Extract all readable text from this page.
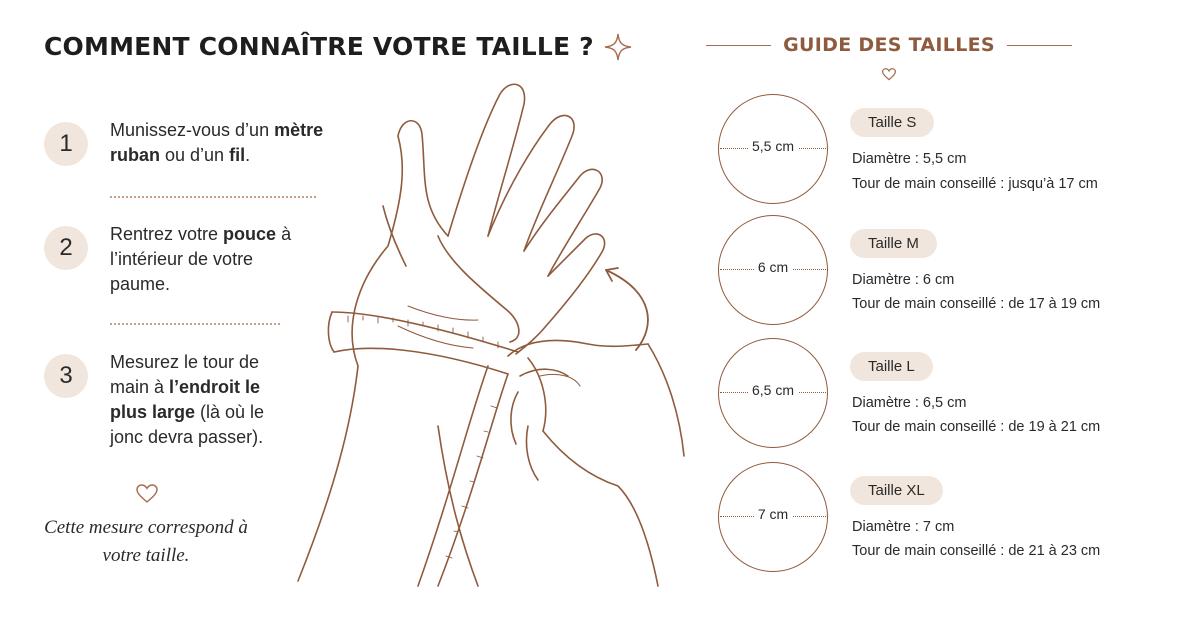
COMMENT CONNAÎTRE VOTRE TAILLE ?
1	Munissez-vous d’un mètre ruban ou d’un fil.
2	Rentrez votre pouce à l’intérieur de votre paume.
3	Mesurez le tour de main à l’endroit le plus large (là où le jonc devra passer).
Cette mesure correspond à votre taille.
GUIDE DES TAILLES
5,5 cm
Taille S
Diamètre : 5,5 cm
Tour de main conseillé : jusqu’à 17 cm
6 cm
Taille M
Diamètre : 6 cm
Tour de main conseillé : de 17 à 19 cm
6,5 cm
Taille L
Diamètre : 6,5 cm
Tour de main conseillé : de 19 à 21 cm
7 cm
Taille XL
Diamètre : 7 cm
Tour de main conseillé : de 21 à 23 cm
